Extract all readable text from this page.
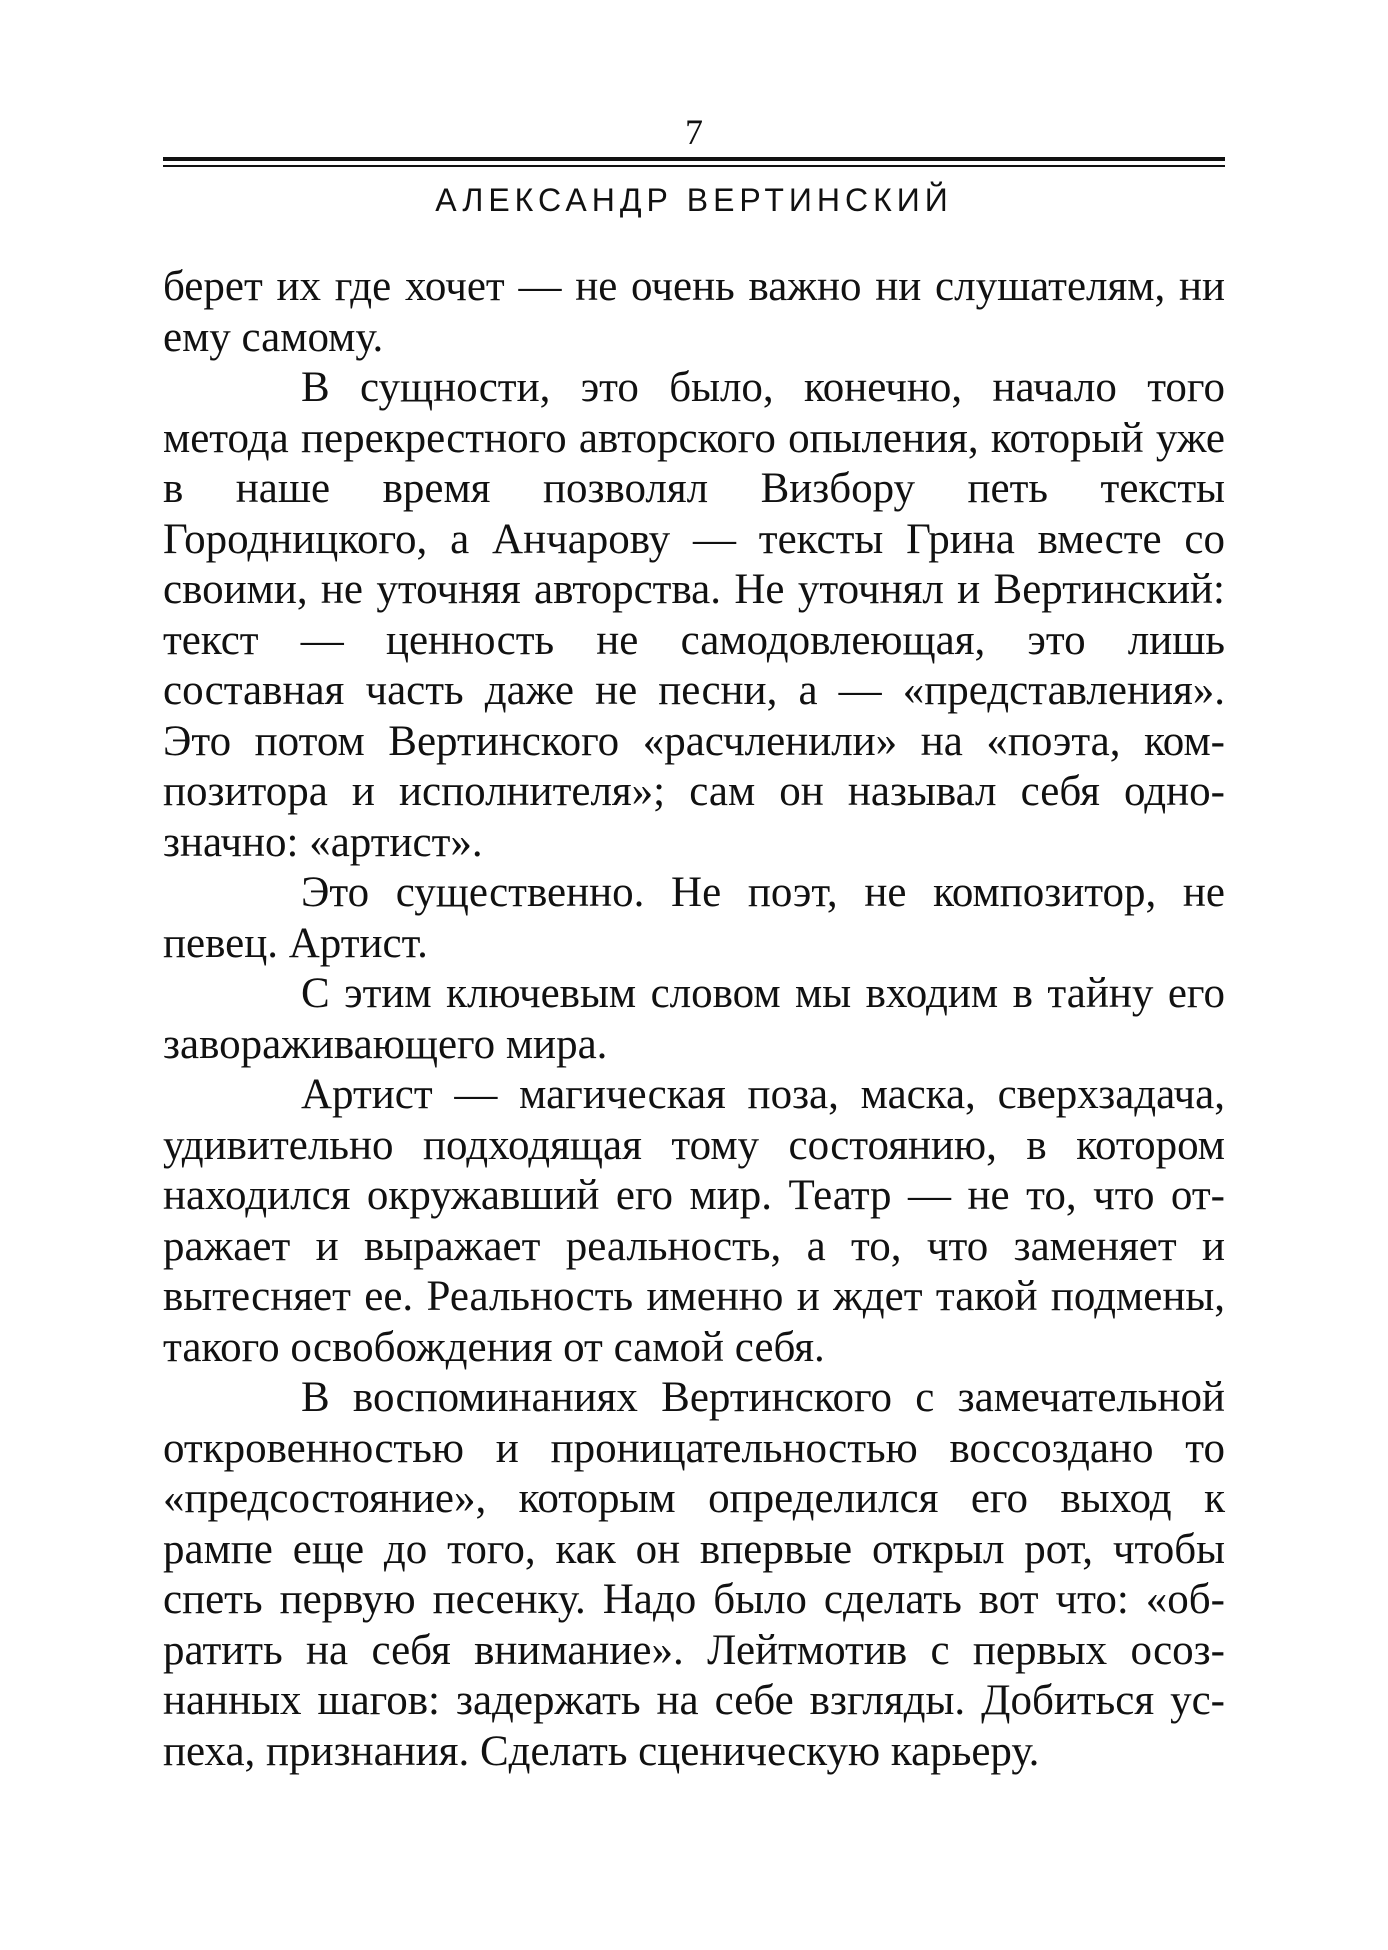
7
АЛЕКСАНДР ВЕРТИНСКИЙ

берет их где хочет — не очень важно ни слушателям, ни ему самому.

В сущности, это было, конечно, начало того метода перекрестного авторского опыления, который уже в наше время позволял Визбору петь тексты Городницкого, а Анчарову — тексты Грина вместе со своими, не уточняя авторства. Не уточнял и Вертинский: текст — ценность не самодовлеющая, это лишь составная часть даже не песни, а — «представления». Это потом Вертинского «расчленили» на «поэта, композитора и исполнителя»; сам он называл себя однозначно: «артист».

Это существенно. Не поэт, не композитор, не певец. Артист.

С этим ключевым словом мы входим в тайну его завораживающего мира.

Артист — магическая поза, маска, сверхзадача, удивительно подходящая тому состоянию, в котором находился окружавший его мир. Театр — не то, что отражает и выражает реальность, а то, что заменяет и вытесняет ее. Реальность именно и ждет такой подмены, такого освобождения от самой себя.

В воспоминаниях Вертинского с замечательной откровенностью и проницательностью воссоздано то «предсостояние», которым определился его выход к рампе еще до того, как он впервые открыл рот, чтобы спеть первую песенку. Надо было сделать вот что: «обратить на себя внимание». Лейтмотив с первых осознанных шагов: задержать на себе взгляды. Добиться успеха, признания. Сделать сценическую карьеру.
